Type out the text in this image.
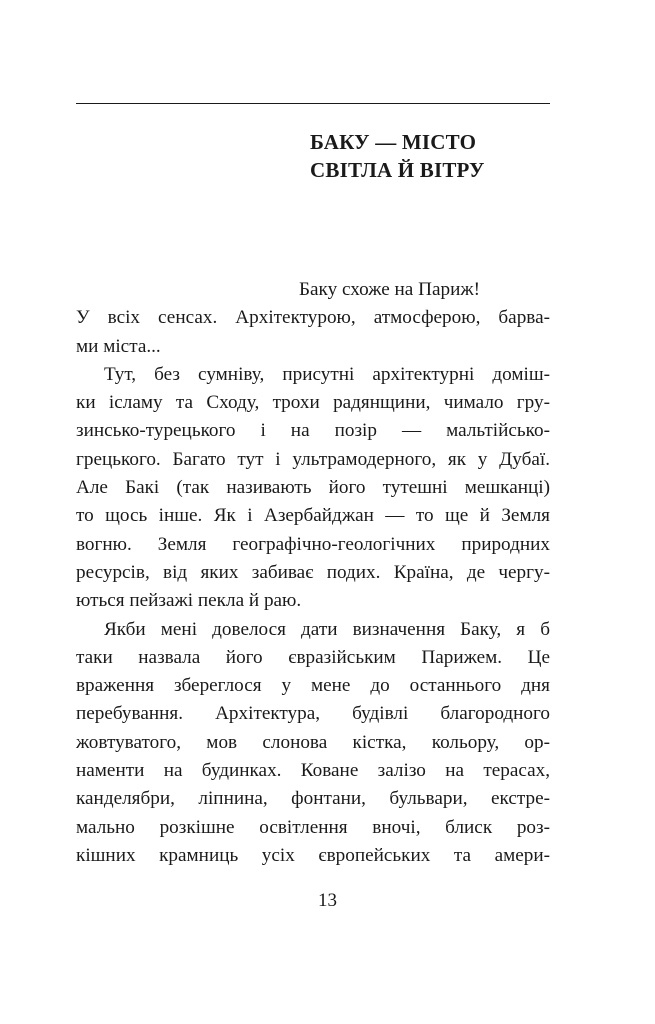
БАКУ — МІСТО
СВІТЛА Й ВІТРУ
Баку схоже на Париж!
У всіх сенсах. Архітектурою, атмосферою, барва-
ми міста...
Тут, без сумніву, присутні архітектурні доміш-
ки ісламу та Сходу, трохи радянщини, чимало гру-
зинсько-турецького і на позір — мальтійсько-
грецького. Багато тут і ультрамодерного, як у Дубаї.
Але Бакі (так називають його тутешні мешканці)
то щось інше. Як і Азербайджан — то ще й Земля
вогню. Земля географічно-геологічних природних
ресурсів, від яких забиває подих. Країна, де чергу-
ються пейзажі пекла й раю.
Якби мені довелося дати визначення Баку, я б
таки назвала його євразійським Парижем. Це
враження збереглося у мене до останнього дня
перебування. Архітектура, будівлі благородного
жовтуватого, мов слонова кістка, кольору, ор-
наменти на будинках. Коване залізо на терасах,
канделябри, ліпнина, фонтани, бульвари, екстре-
мально розкішне освітлення вночі, блиск роз-
кішних крамниць усіх європейських та амери-
13
